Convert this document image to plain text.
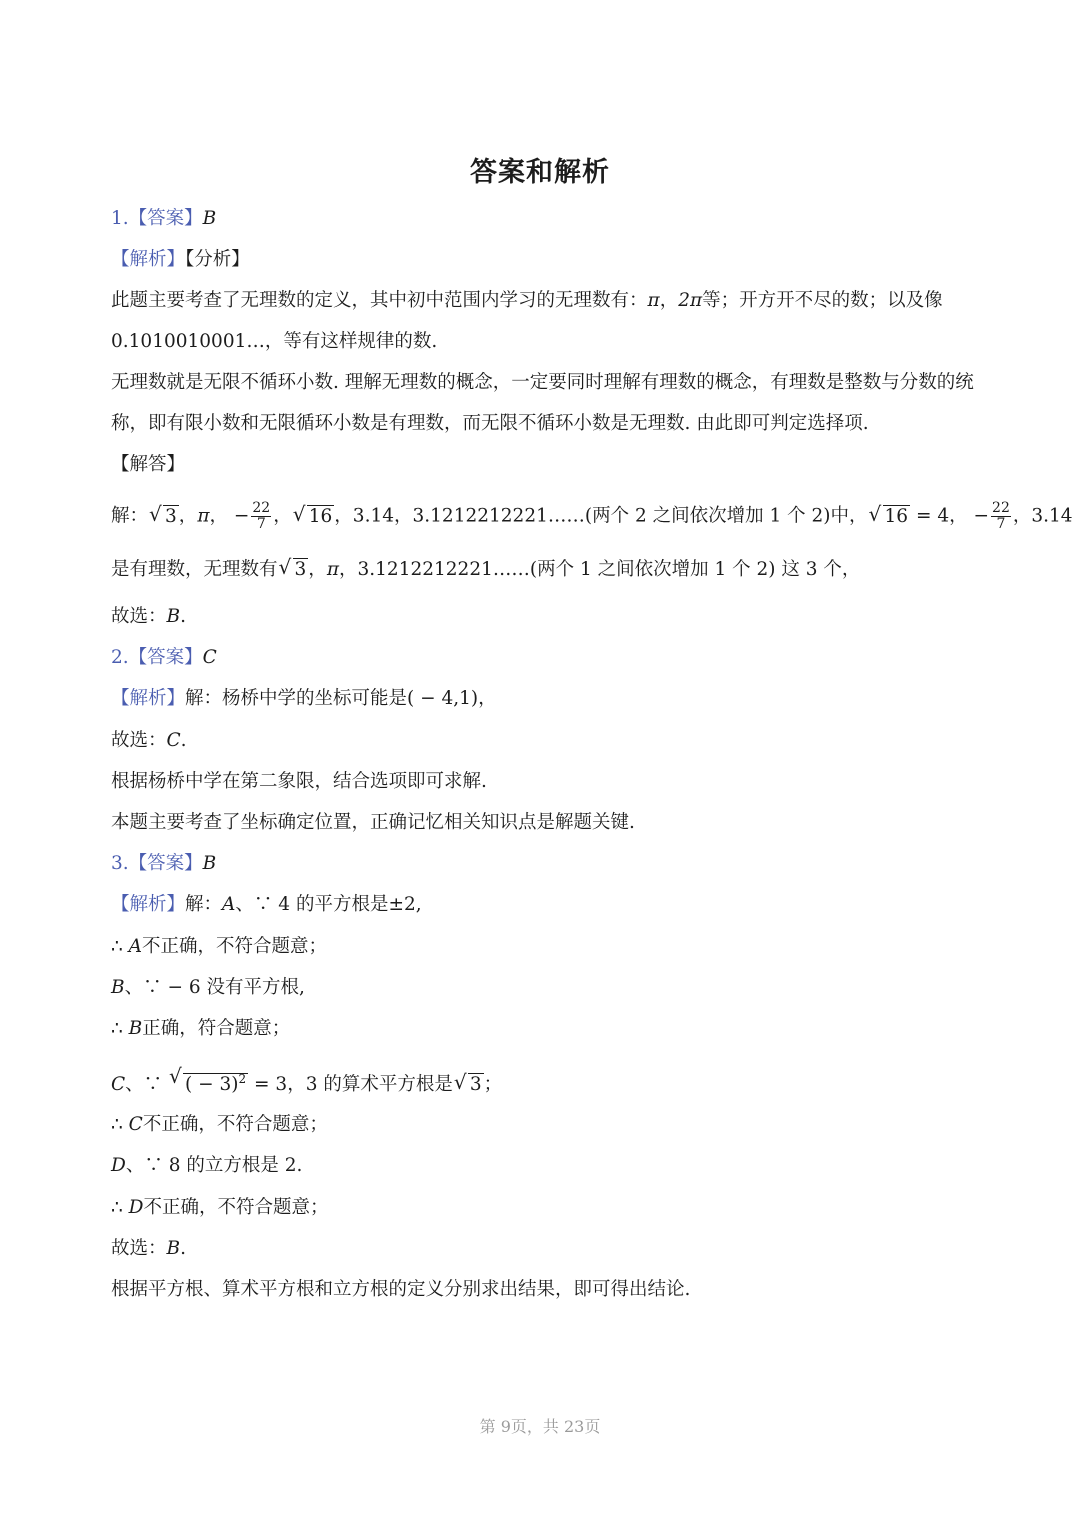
答案和解析
1.【答案】B
【解析】【分析】
此题主要考查了无理数的定义，其中初中范围内学习的无理数有：π，2π等；开方开不尽的数；以及像
0.1010010001…，等有这样规律的数.
无理数就是无限不循环小数. 理解无理数的概念，一定要同时理解有理数的概念，有理数是整数与分数的统
称，即有限小数和无限循环小数是有理数，而无限不循环小数是无理数. 由此即可判定选择项.
【解答】
解： √ 3 ，π， − $\frac{22}{7}$ ， √ 16 ，3.14，3.1212212221……(两个 2 之间依次增加 1 个 2)中， √ 16 = 4， − $\frac{22}{7}$ ，3.14
是有理数，无理数有 √ 3 ，π，3.1212212221……(两个 1 之间依次增加 1 个 2) 这 3 个，
故选：B.
2.【答案】C
【解析】解：杨桥中学的坐标可能是( − 4,1)，
故选：C.
根据杨桥中学在第二象限，结合选项即可求解.
本题主要考查了坐标确定位置，正确记忆相关知识点是解题关键.
3.【答案】B
【解析】解：A、∵ 4 的平方根是±2,
∴ A不正确，不符合题意；
B、∵ − 6 没有平方根,
∴ B正确，符合题意；
C、∵ √ ( − 3)$^2$ = 3，3 的算术平方根是 √ 3 ；
∴ C不正确，不符合题意；
D、∵ 8 的立方根是 2.
∴ D不正确，不符合题意；
故选：B.
根据平方根、算术平方根和立方根的定义分别求出结果，即可得出结论.
第 9页，共 23页
